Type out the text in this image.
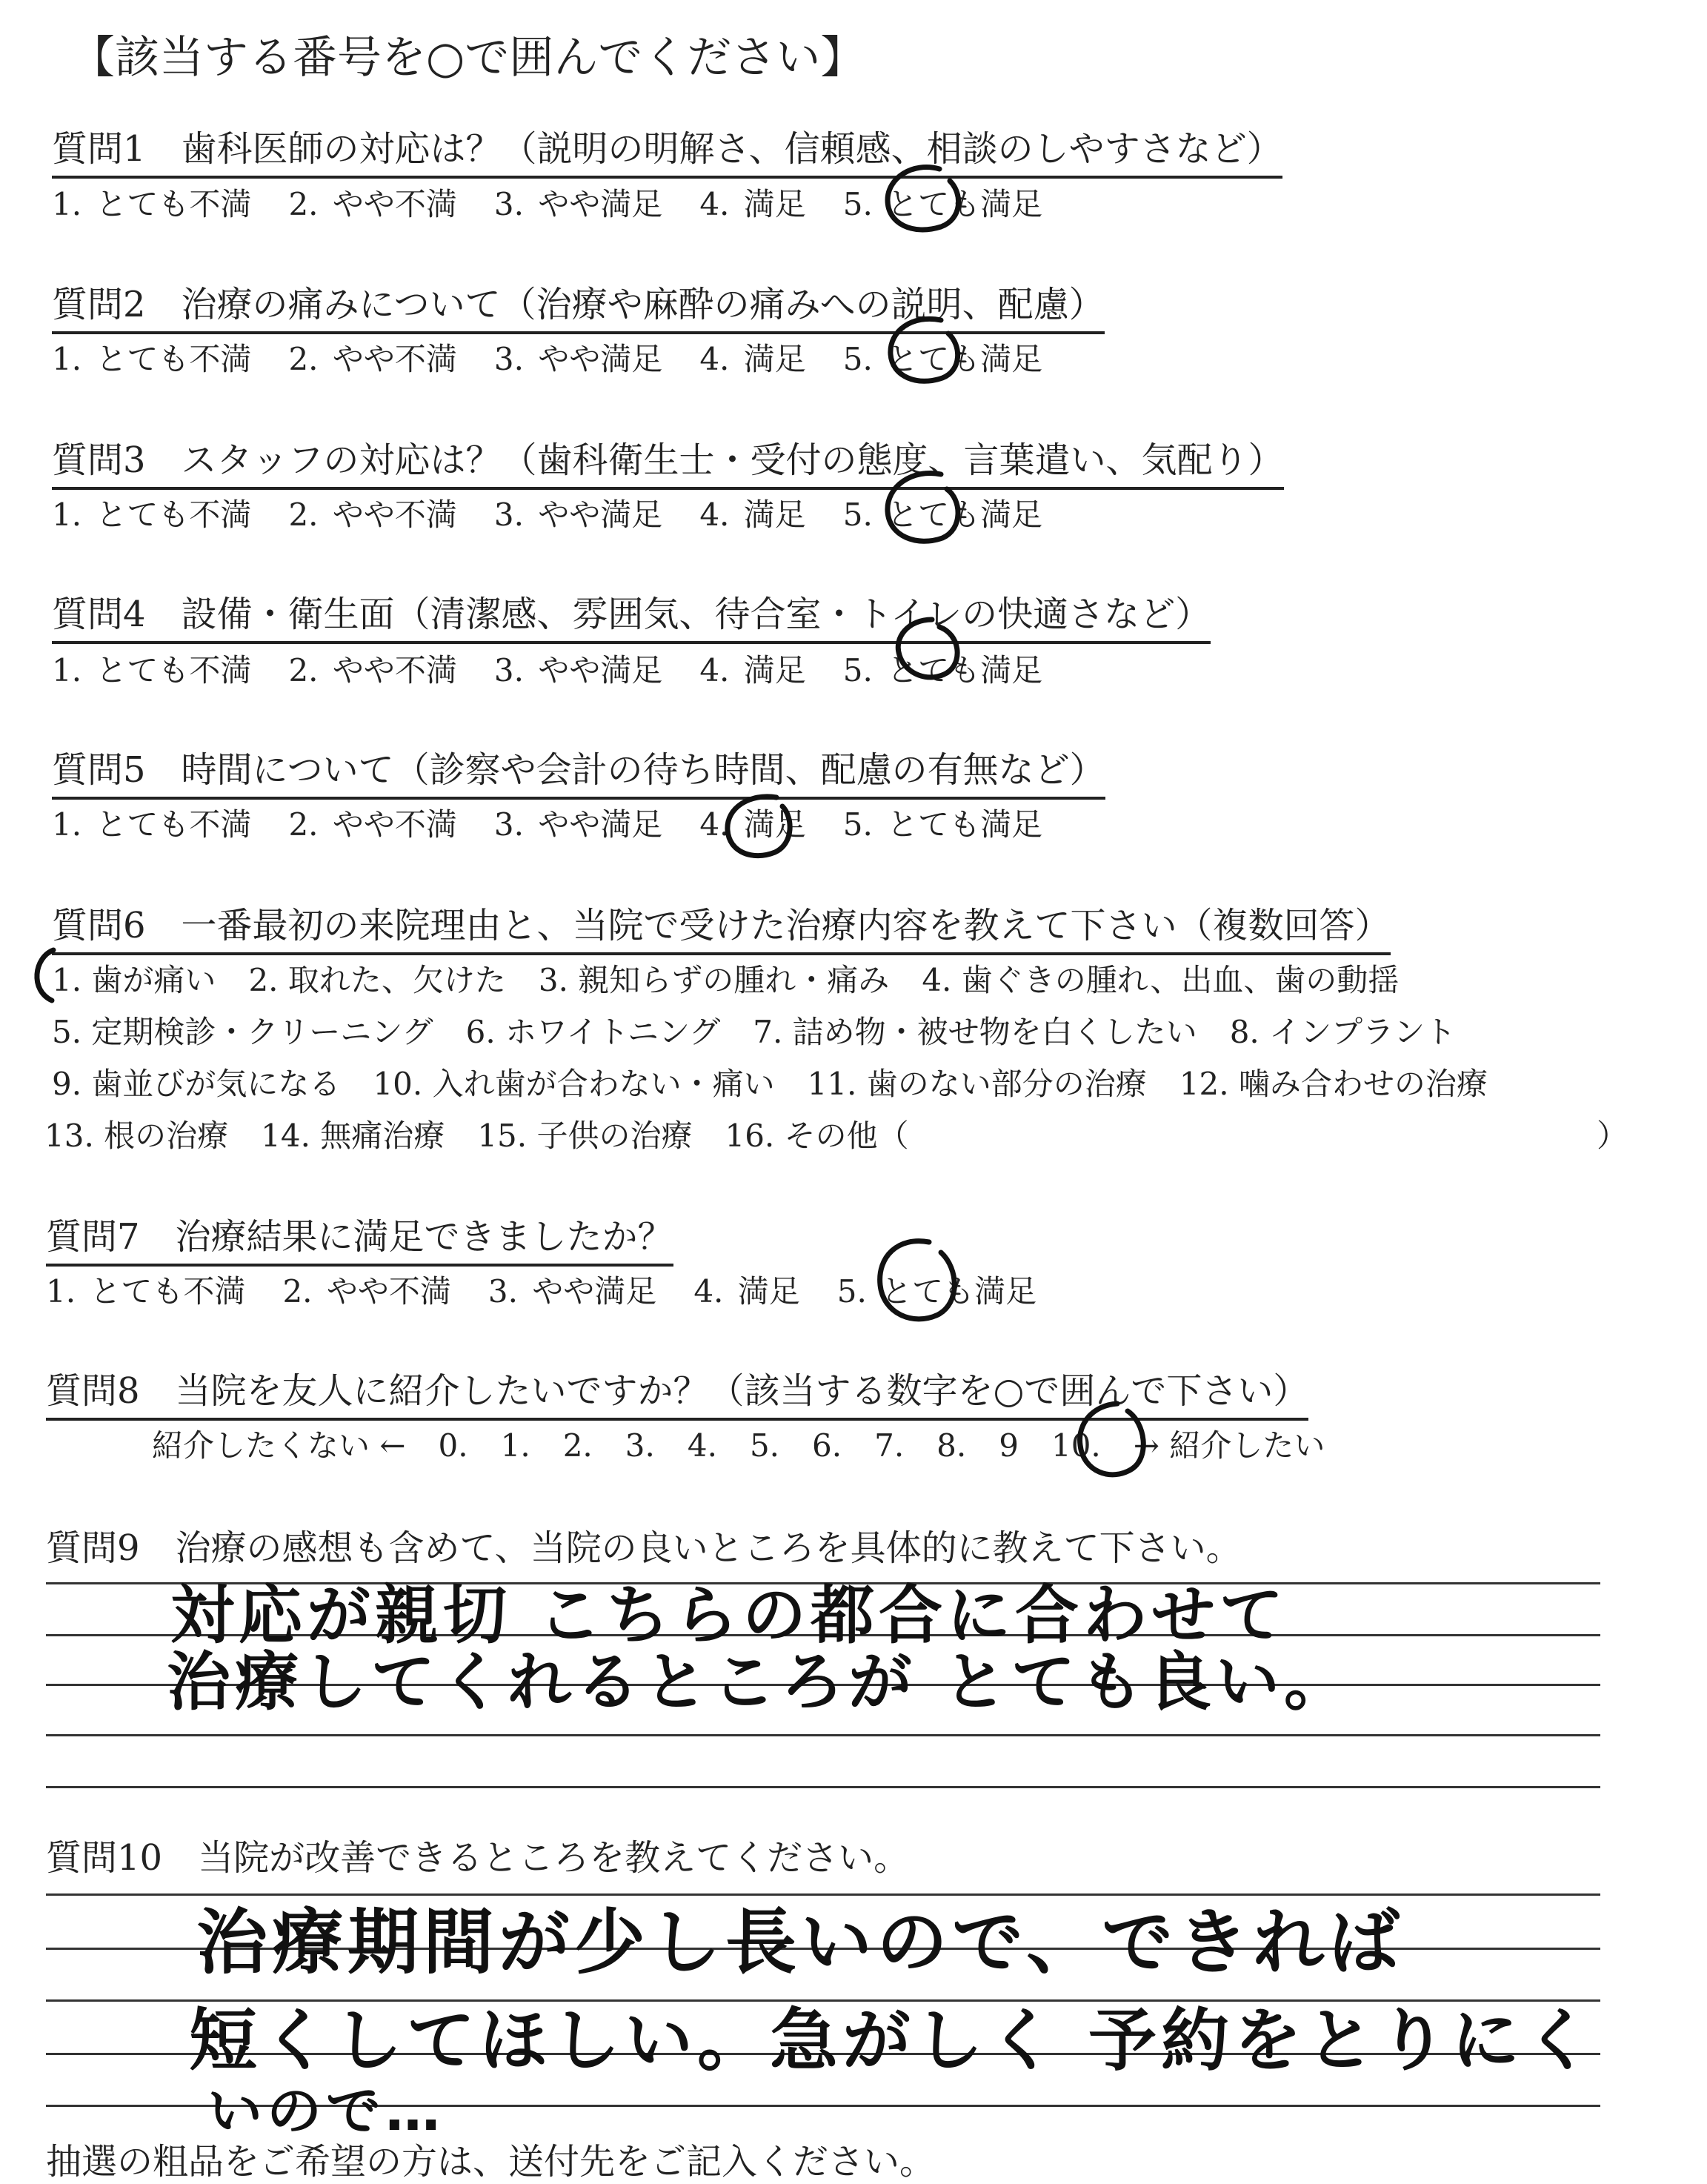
【該当する番号を○で囲んでください】
質問1　歯科医師の対応は？（説明の明解さ、信頼感、相談のしやすさなど）
1. とても不満 2. やや不満 3. やや満足 4. 満足 5. とても満足
質問2　治療の痛みについて（治療や麻酔の痛みへの説明、配慮）
1. とても不満 2. やや不満 3. やや満足 4. 満足 5. とても満足
質問3　スタッフの対応は？（歯科衛生士・受付の態度、言葉遣い、気配り）
1. とても不満 2. やや不満 3. やや満足 4. 満足 5. とても満足
質問4　設備・衛生面（清潔感、雰囲気、待合室・トイレの快適さなど）
1. とても不満 2. やや不満 3. やや満足 4. 満足 5. とても満足
質問5　時間について（診察や会計の待ち時間、配慮の有無など）
1. とても不満 2. やや不満 3. やや満足 4. 満足 5. とても満足
質問6　一番最初の来院理由と、当院で受けた治療内容を教えて下さい（複数回答）
1. 歯が痛い 2. 取れた、欠けた 3. 親知らずの腫れ・痛み 4. 歯ぐきの腫れ、出血、歯の動揺
5. 定期検診・クリーニング 6. ホワイトニング 7. 詰め物・被せ物を白くしたい 8. インプラント
9. 歯並びが気になる 10. 入れ歯が合わない・痛い 11. 歯のない部分の治療 12. 噛み合わせの治療
13. 根の治療 14. 無痛治療 15. 子供の治療 16. その他（	）
質問7　治療結果に満足できましたか？
1. とても不満 2. やや不満 3. やや満足 4. 満足 5. とても満足
質問8　当院を友人に紹介したいですか？（該当する数字を○で囲んで下さい）
紹介したくない ← 0. 1. 2. 3. 4. 5. 6. 7. 8. 9 10. → 紹介したい
質問9　治療の感想も含めて、当院の良いところを具体的に教えて下さい。
対応が親切 こちらの都合に合わせて
治療してくれるところが とても良い。
質問10　当院が改善できるところを教えてください。
治療期間が少し長いので、できれば
短くしてほしい。急がしく 予約をとりにく
いので…
抽選の粗品をご希望の方は、送付先をご記入ください。
